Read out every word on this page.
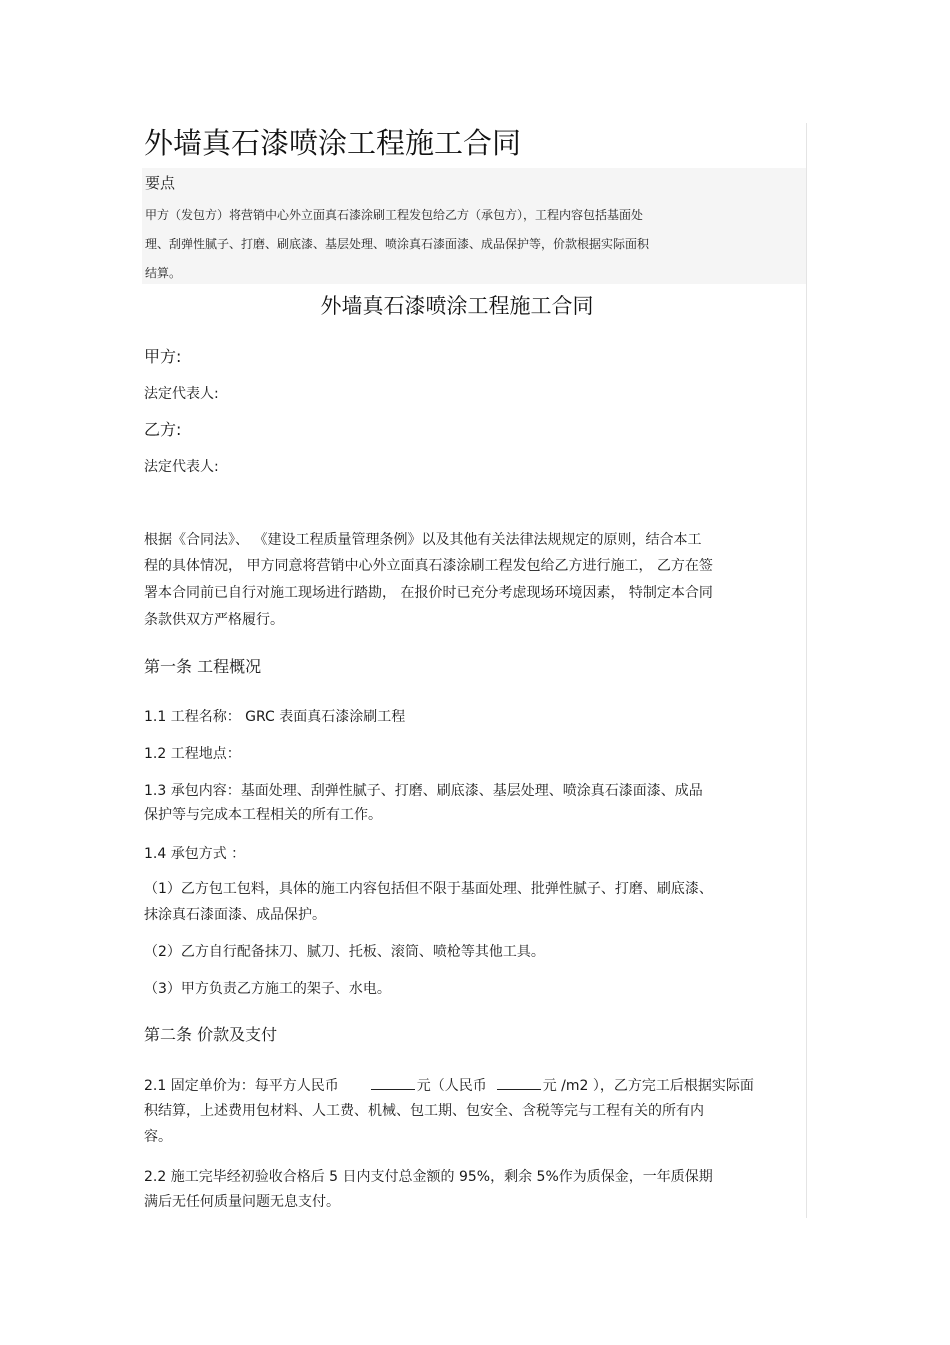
外墙真石漆喷涂工程施工合同
要点
甲方（发包方）将营销中心外立面真石漆涂刷工程发包给乙方（承包方），工程内容包括基面处
理、刮弹性腻子、打磨、刷底漆、基层处理、喷涂真石漆面漆、成品保护等，价款根据实际面积
结算。
外墙真石漆喷涂工程施工合同
甲方:
法定代表人:
乙方:
法定代表人:
根据《合同法》、 《建设工程质量管理条例》以及其他有关法律法规规定的原则，结合本工
程的具体情况， 甲方同意将营销中心外立面真石漆涂刷工程发包给乙方进行施工， 乙方在签
署本合同前已自行对施工现场进行踏勘， 在报价时已充分考虑现场环境因素， 特制定本合同
条款供双方严格履行。
第一条 工程概况
1.1 工程名称： GRC 表面真石漆涂刷工程
1.2 工程地点：
1.3 承包内容：基面处理、刮弹性腻子、打磨、刷底漆、基层处理、喷涂真石漆面漆、成品
保护等与完成本工程相关的所有工作。
1.4 承包方式 ：
（1）乙方包工包料，具体的施工内容包括但不限于基面处理、批弹性腻子、打磨、刷底漆、
抹涂真石漆面漆、成品保护。
（2）乙方自行配备抹刀、腻刀、托板、滚筒、喷枪等其他工具。
（3）甲方负责乙方施工的架子、水电。
第二条 价款及支付
2.1 固定单价为：每平方人民币	元（人民币	元 /m2 ），乙方完工后根据实际面
积结算，上述费用包材料、人工费、机械、包工期、包安全、含税等完与工程有关的所有内
容。
2.2 施工完毕经初验收合格后 5 日内支付总金额的 95%，剩余 5%作为质保金，一年质保期
满后无任何质量问题无息支付。
